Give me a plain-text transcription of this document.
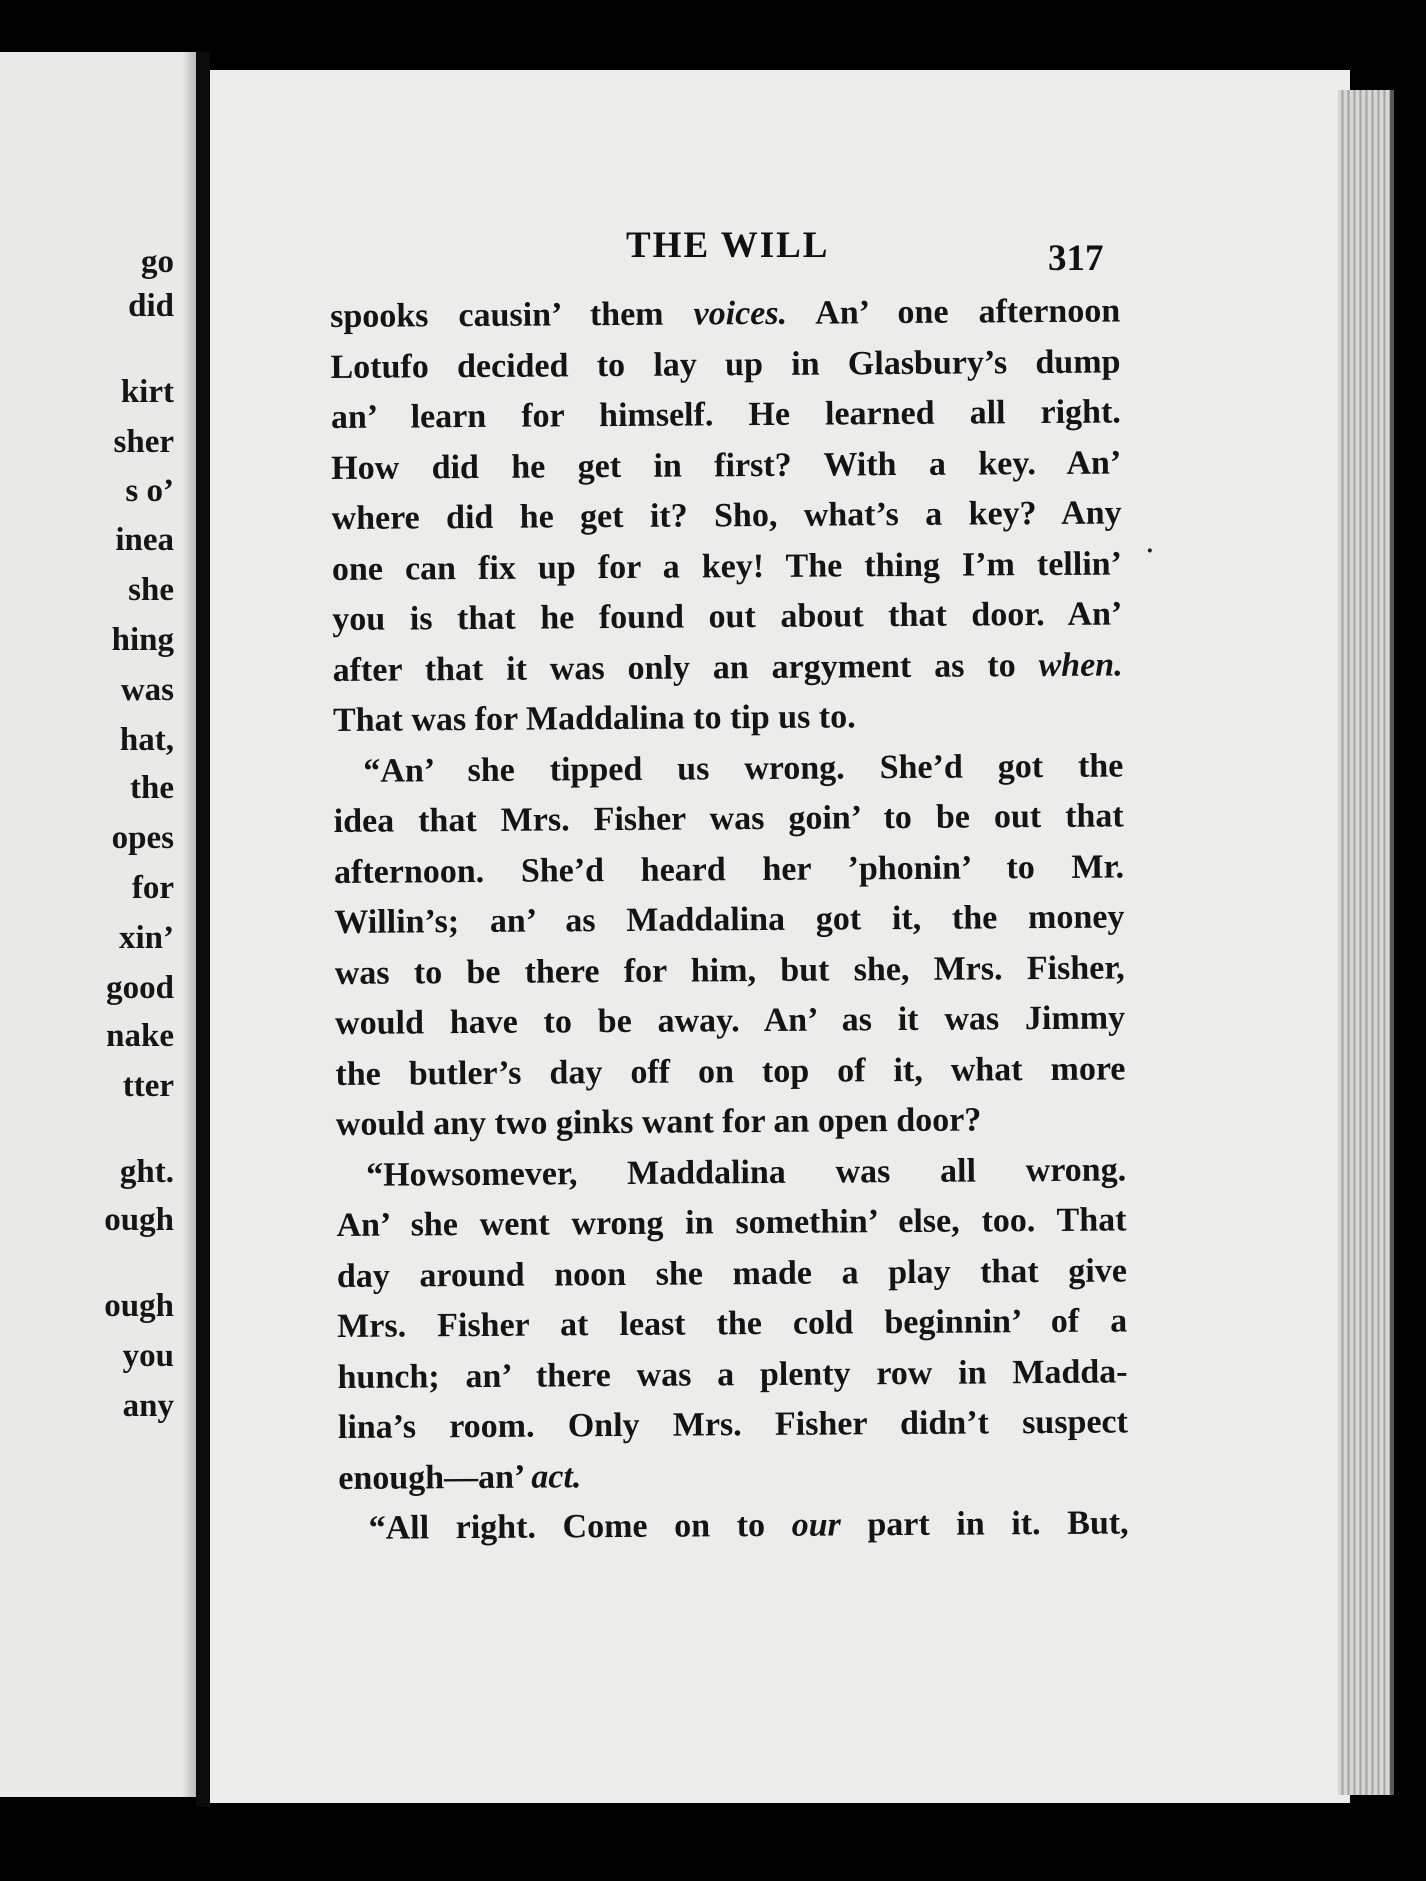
go
did
kirt
sher
s o’
inea
she
hing
was
hat,
the
opes
for
xin’
good
nake
tter
ght.
ough
ough
you
any
THE WILL	317
·
spooks causin’ them voices. An’ one afternoon
Lotufo decided to lay up in Glasbury’s dump
an’ learn for himself. He learned all right.
How did he get in first? With a key. An’
where did he get it? Sho, what’s a key? Any
one can fix up for a key! The thing I’m tellin’
you is that he found out about that door. An’
after that it was only an argyment as to when.
That was for Maddalina to tip us to.
“An’ she tipped us wrong. She’d got the
idea that Mrs. Fisher was goin’ to be out that
afternoon. She’d heard her ’phonin’ to Mr.
Willin’s; an’ as Maddalina got it, the money
was to be there for him, but she, Mrs. Fisher,
would have to be away. An’ as it was Jimmy
the butler’s day off on top of it, what more
would any two ginks want for an open door?
“Howsomever, Maddalina was all wrong.
An’ she went wrong in somethin’ else, too. That
day around noon she made a play that give
Mrs. Fisher at least the cold beginnin’ of a
hunch; an’ there was a plenty row in Madda-
lina’s room. Only Mrs. Fisher didn’t suspect
enough—an’ act.
“All right. Come on to our part in it. But,
